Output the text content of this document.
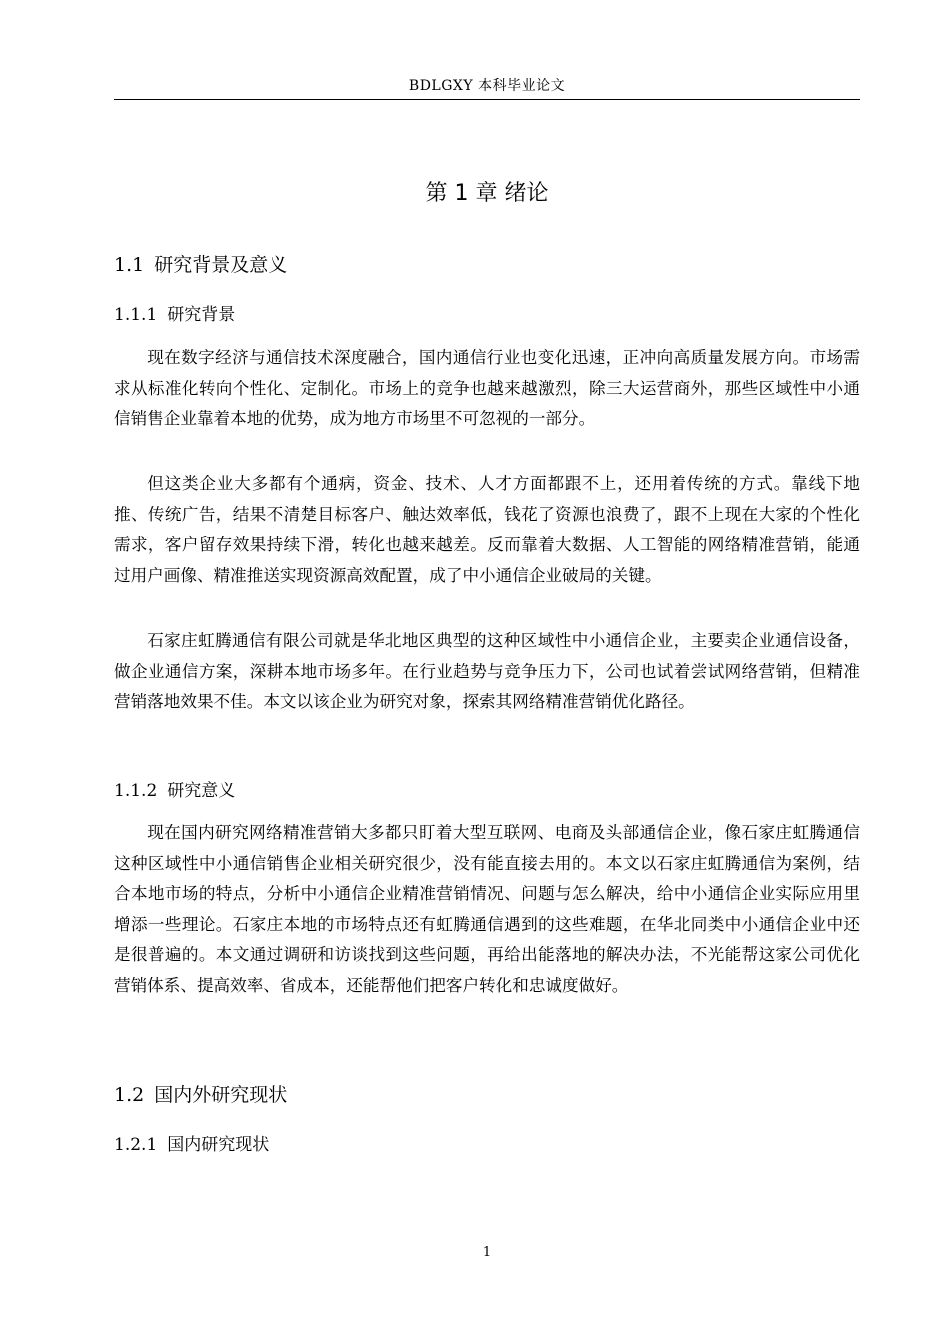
BDLGXY 本科毕业论文
第 1 章 绪论
1.1 研究背景及意义
1.1.1 研究背景

现在数字经济与通信技术深度融合，国内通信行业也变化迅速，正冲向高质量发展方向。市场需求从标准化转向个性化、定制化。市场上的竞争也越来越激烈，除三大运营商外，那些区域性中小通信销售企业靠着本地的优势，成为地方市场里不可忽视的一部分。

但这类企业大多都有个通病，资金、技术、人才方面都跟不上，还用着传统的方式。靠线下地推、传统广告，结果不清楚目标客户、触达效率低，钱花了资源也浪费了，跟不上现在大家的个性化需求，客户留存效果持续下滑，转化也越来越差。反而靠着大数据、人工智能的网络精准营销，能通过用户画像、精准推送实现资源高效配置，成了中小通信企业破局的关键。

石家庄虹腾通信有限公司就是华北地区典型的这种区域性中小通信企业，主要卖企业通信设备，做企业通信方案，深耕本地市场多年。在行业趋势与竞争压力下，公司也试着尝试网络营销，但精准营销落地效果不佳。本文以该企业为研究对象，探索其网络精准营销优化路径。

1.1.2 研究意义

现在国内研究网络精准营销大多都只盯着大型互联网、电商及头部通信企业，像石家庄虹腾通信这种区域性中小通信销售企业相关研究很少，没有能直接去用的。本文以石家庄虹腾通信为案例，结合本地市场的特点，分析中小通信企业精准营销情况、问题与怎么解决，给中小通信企业实际应用里增添一些理论。石家庄本地的市场特点还有虹腾通信遇到的这些难题，在华北同类中小通信企业中还是很普遍的。本文通过调研和访谈找到这些问题，再给出能落地的解决办法，不光能帮这家公司优化营销体系、提高效率、省成本，还能帮他们把客户转化和忠诚度做好。

1.2 国内外研究现状
1.2.1 国内研究现状
1
